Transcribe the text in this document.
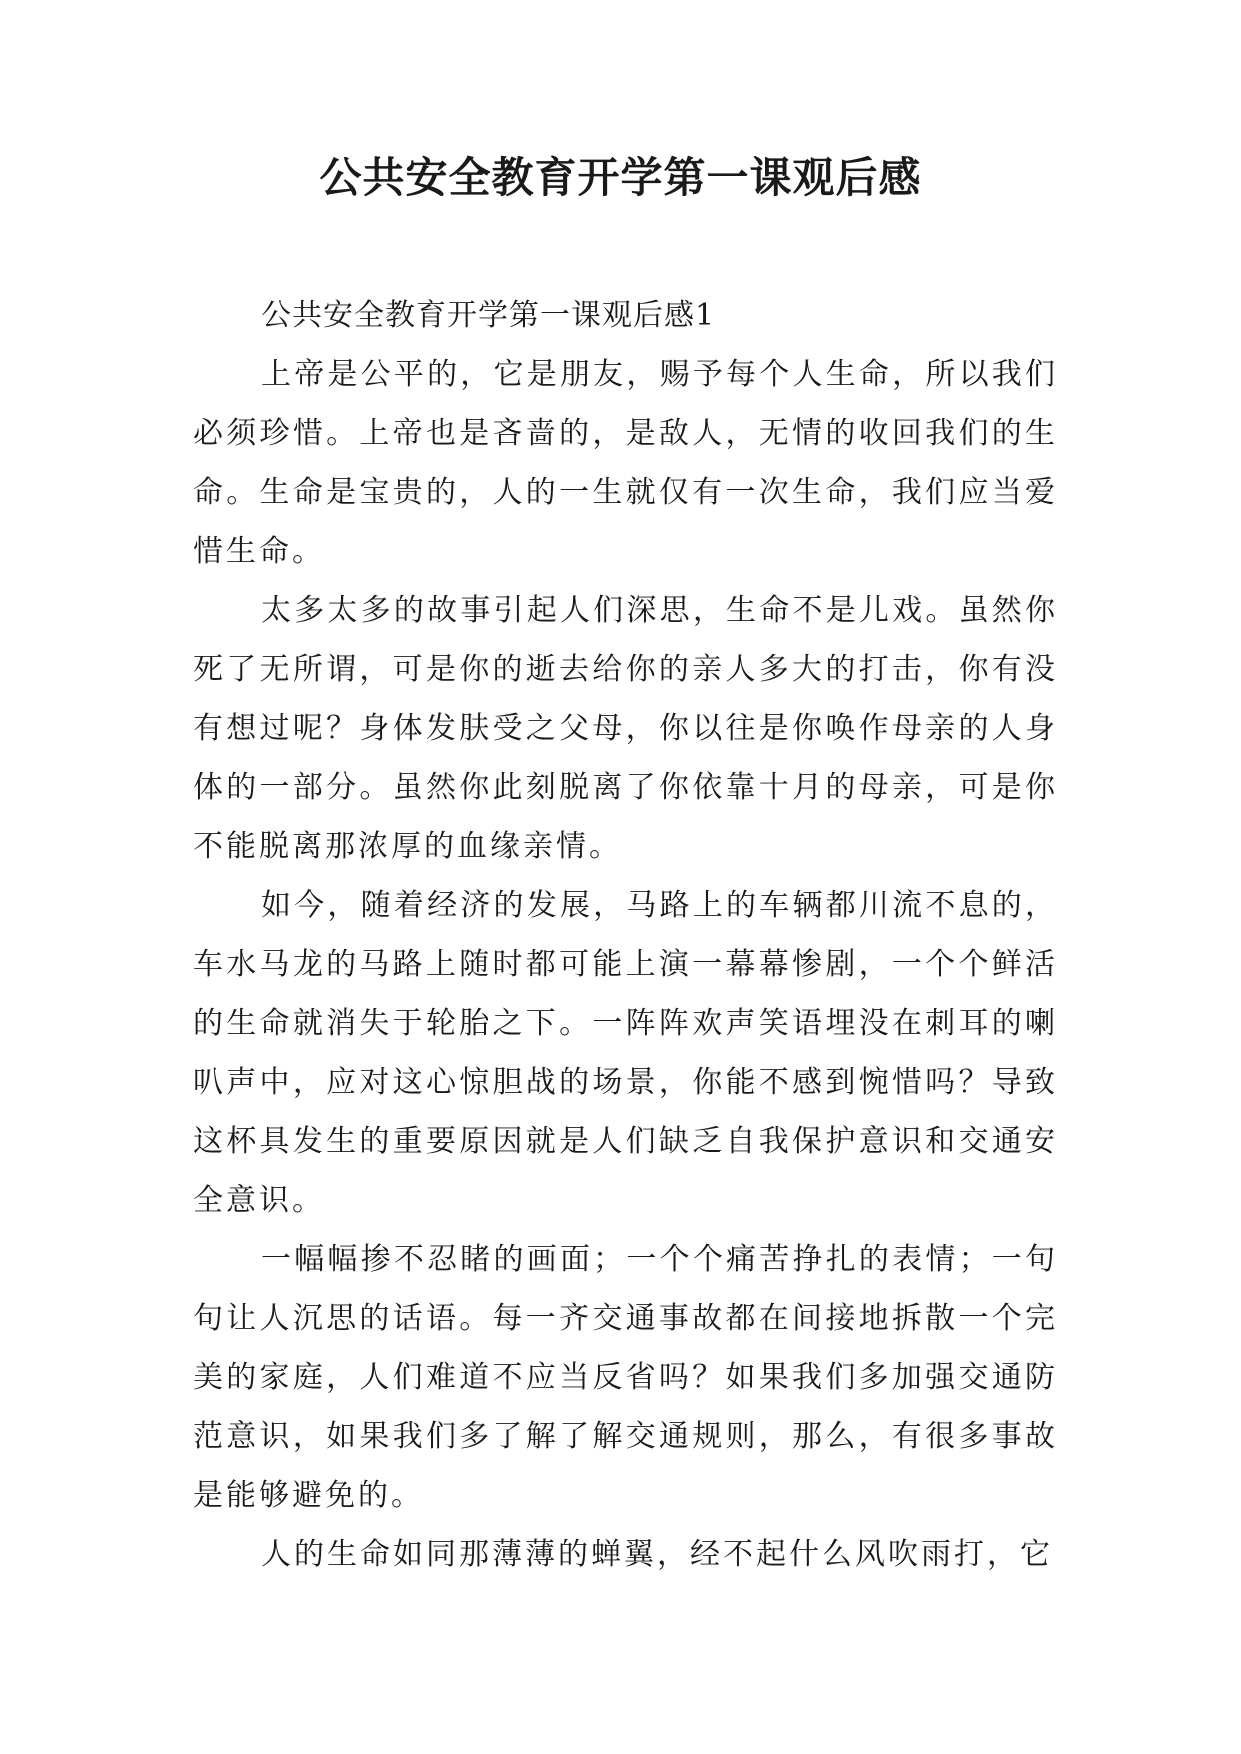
公共安全教育开学第一课观后感

公共安全教育开学第一课观后感1

上帝是公平的，它是朋友，赐予每个人生命，所以我们必须珍惜。上帝也是吝啬的，是敌人，无情的收回我们的生命。生命是宝贵的，人的一生就仅有一次生命，我们应当爱惜生命。

太多太多的故事引起人们深思，生命不是儿戏。虽然你死了无所谓，可是你的逝去给你的亲人多大的打击，你有没有想过呢？身体发肤受之父母，你以往是你唤作母亲的人身体的一部分。虽然你此刻脱离了你依靠十月的母亲，可是你不能脱离那浓厚的血缘亲情。

如今，随着经济的发展，马路上的车辆都川流不息的，车水马龙的马路上随时都可能上演一幕幕惨剧，一个个鲜活的生命就消失于轮胎之下。一阵阵欢声笑语埋没在刺耳的喇叭声中，应对这心惊胆战的场景，你能不感到惋惜吗？导致这杯具发生的重要原因就是人们缺乏自我保护意识和交通安全意识。

一幅幅掺不忍睹的画面；一个个痛苦挣扎的表情；一句句让人沉思的话语。每一齐交通事故都在间接地拆散一个完美的家庭，人们难道不应当反省吗？如果我们多加强交通防范意识，如果我们多了解了解交通规则，那么，有很多事故是能够避免的。

人的生命如同那薄薄的蝉翼，经不起什么风吹雨打，它
